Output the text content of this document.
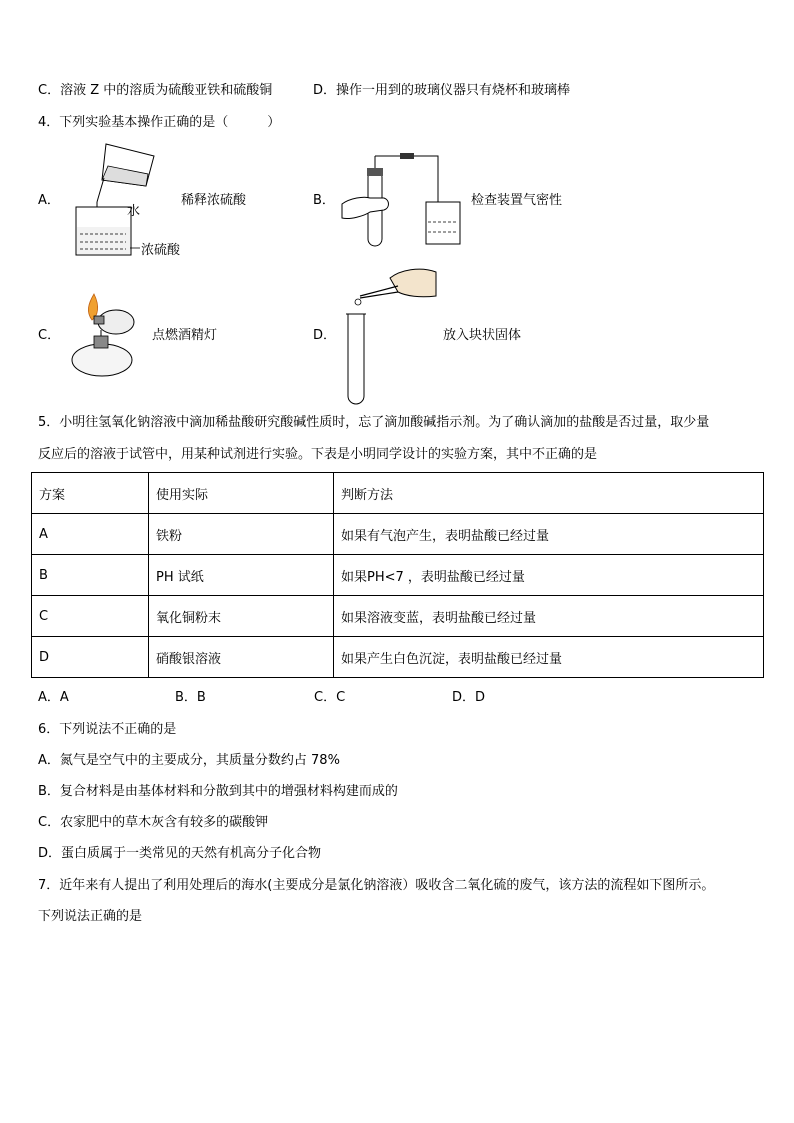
C．溶液 Z 中的溶质为硫酸亚铁和硫酸铜	D．操作一用到的玻璃仪器只有烧杯和玻璃棒
4．下列实验基本操作正确的是（　　　）
A．
水
浓硫酸
稀释浓硫酸	B．	检查装置气密性
C．	点燃酒精灯	D．	放入块状固体
5．小明往氢氧化钠溶液中滴加稀盐酸研究酸碱性质时，忘了滴加酸碱指示剂。为了确认滴加的盐酸是否过量，取少量
反应后的溶液于试管中，用某种试剂进行实验。下表是小明同学设计的实验方案，其中不正确的是
方案	使用实际	判断方法
A	铁粉	如果有气泡产生，表明盐酸已经过量
B	PH 试纸	如果PH<7 ，表明盐酸已经过量
C	氧化铜粉末	如果溶液变蓝，表明盐酸已经过量
D	硝酸银溶液	如果产生白色沉淀，表明盐酸已经过量
A．A	B．B	C．C	D．D
6．下列说法不正确的是
A．氮气是空气中的主要成分，其质量分数约占 78%
B．复合材料是由基体材料和分散到其中的增强材料构建而成的
C．农家肥中的草木灰含有较多的碳酸钾
D．蛋白质属于一类常见的天然有机高分子化合物
7．近年来有人提出了利用处理后的海水(主要成分是氯化钠溶液）吸收含二氧化硫的废气，该方法的流程如下图所示。
下列说法正确的是
